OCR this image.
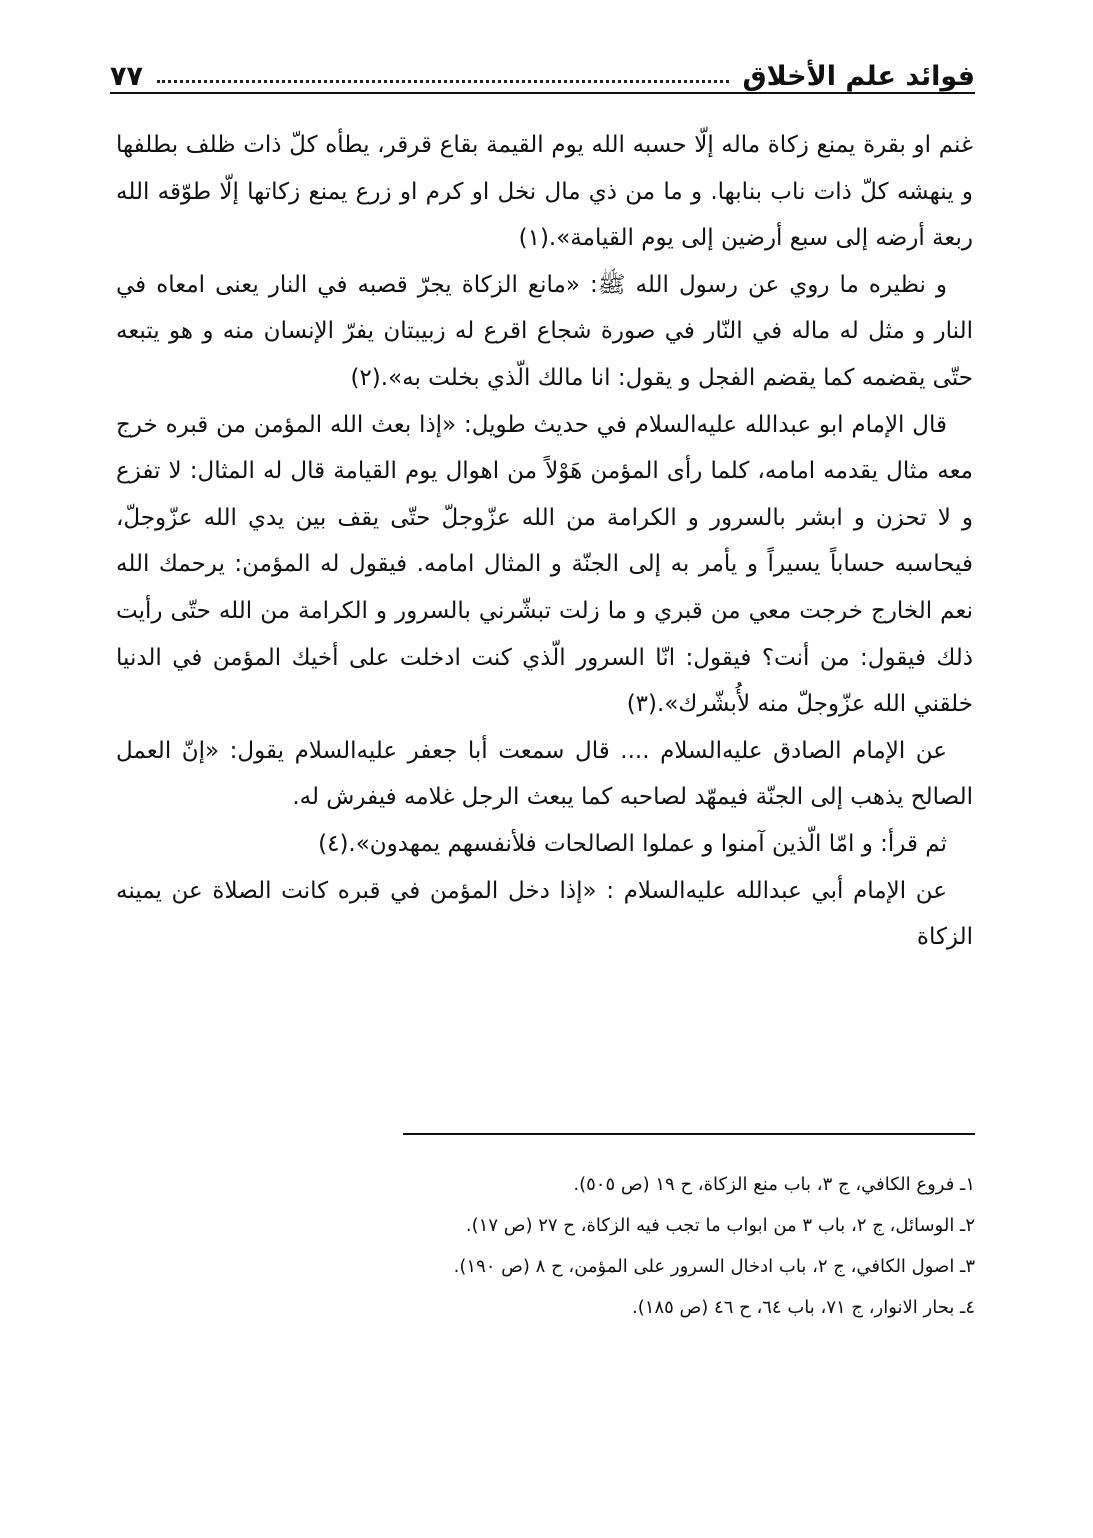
٧٧	فوائد علم الأخلاق

غنم او بقرة يمنع زكاة ماله إلّا حسبه الله يوم القيمة بقاع قرقر، يطأه كلّ ذات ظلف بطلفها و ينهشه كلّ ذات ناب بنابها. و ما من ذي مال نخل او كرم او زرع يمنع زكاتها إلّا طوّقه الله ربعة أرضه إلى سبع أرضين إلى يوم القيامة».(١)

و نظيره ما روي عن رسول الله ﷺ: «مانع الزكاة يجرّ قصبه في النار يعنى امعاه في النار و مثل له ماله في النّار في صورة شجاع اقرع له زبيبتان يفرّ الإنسان منه و هو يتبعه حتّى يقضمه كما يقضم الفجل و يقول: انا مالك الّذي بخلت به».(٢)

قال الإمام ابو عبدالله عليه‌السلام في حديث طويل: «إذا بعث الله المؤمن من قبره خرج معه مثال يقدمه امامه، كلما رأى المؤمن هَوْلاً من اهوال يوم القيامة قال له المثال: لا تفزع و لا تحزن و ابشر بالسرور و الكرامة من الله عزّوجلّ حتّى يقف بين يدي الله عزّوجلّ، فيحاسبه حساباً يسيراً و يأمر به إلى الجنّة و المثال امامه. فيقول له المؤمن: يرحمك الله نعم الخارج خرجت معي من قبري و ما زلت تبشّرني بالسرور و الكرامة من الله حتّى رأيت ذلك فيقول: من أنت؟ فيقول: انّا السرور الّذي كنت ادخلت على أخيك المؤمن في الدنيا خلقني الله عزّوجلّ منه لأُبشّرك».(٣)

عن الإمام الصادق عليه‌السلام .... قال سمعت أبا جعفر عليه‌السلام يقول: «إنّ العمل الصالح يذهب إلى الجنّة فيمهّد لصاحبه كما يبعث الرجل غلامه فيفرش له.

ثم قرأ: و امّا الّذين آمنوا و عملوا الصالحات فلأنفسهم يمهدون».(٤)

عن الإمام أبي عبدالله عليه‌السلام : «إذا دخل المؤمن في قبره كانت الصلاة عن يمينه الزكاة

١ـ فروع الكافي، ج ٣، باب منع الزكاة، ح ١٩ (ص ٥٠٥).
٢ـ الوسائل، ج ٢، باب ٣ من ابواب ما تجب فيه الزكاة، ح ٢٧ (ص ١٧).
٣ـ اصول الكافي، ج ٢، باب ادخال السرور على المؤمن، ح ٨ (ص ١٩٠).
٤ـ بحار الانوار، ج ٧١، باب ٦٤، ح ٤٦ (ص ١٨٥).
